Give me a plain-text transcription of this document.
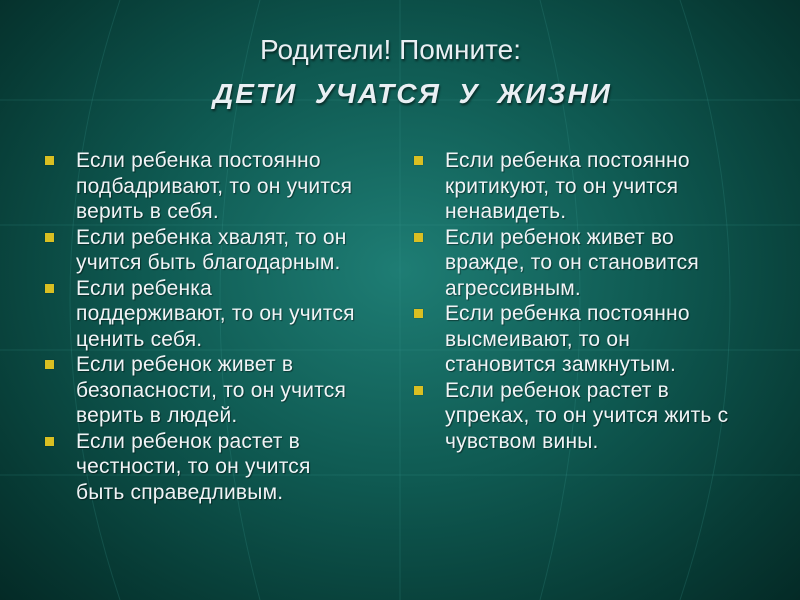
Родители! Помните:
ДЕТИ УЧАТСЯ У ЖИЗНИ
Если ребенка постоянно подбадривают, то он учится верить в себя.
Если ребенка хвалят, то он учится быть благодарным.
Если ребенка поддерживают, то он учится ценить себя.
Если ребенок живет в безопасности, то он учится верить в людей.
Если ребенок растет в честности, то он учится быть справедливым.
Если ребенка постоянно критикуют, то он учится ненавидеть.
Если ребенок живет во вражде, то он становится агрессивным.
Если ребенка постоянно высмеивают, то он становится замкнутым.
Если ребенок растет в упреках, то он учится жить с чувством вины.
